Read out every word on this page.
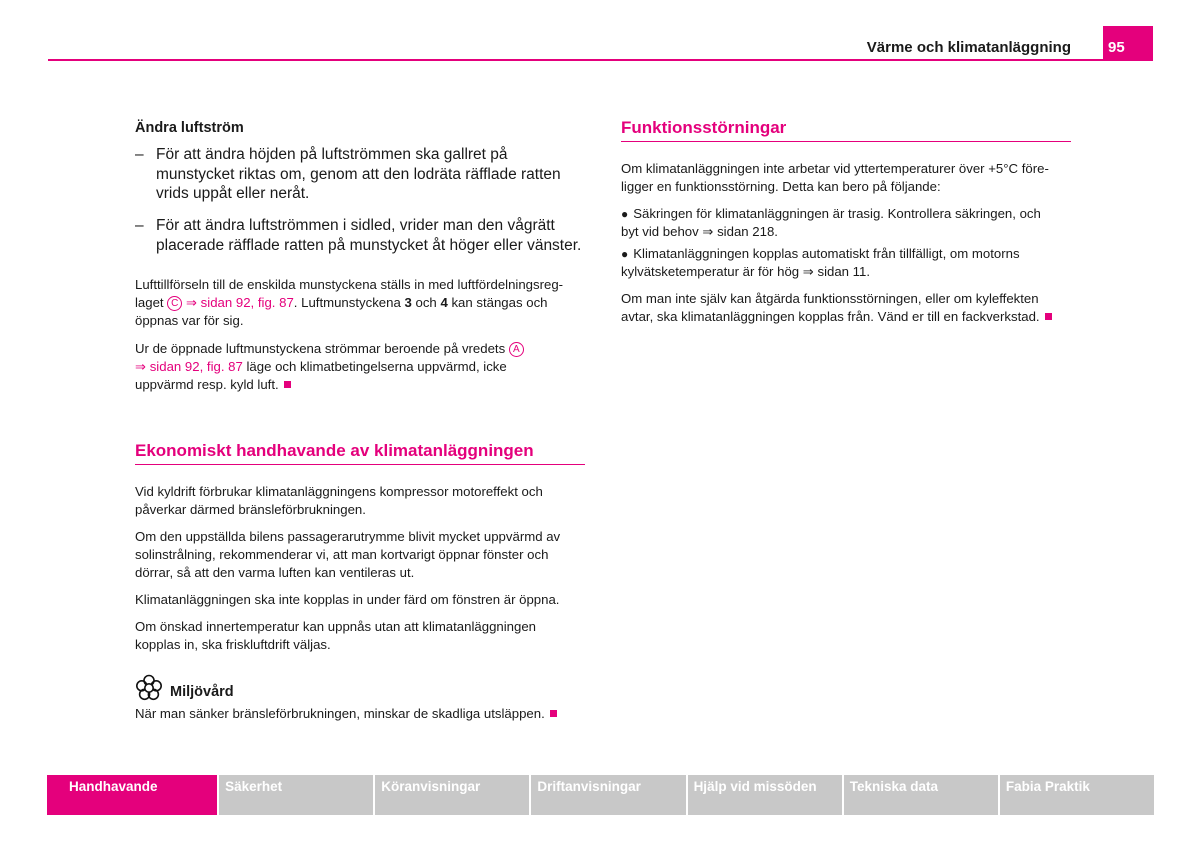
Värme och klimatanläggning	95
Ändra luftström
– För att ändra höjden på luftströmmen ska gallret på
munstycket riktas om, genom att den lodräta räfflade ratten
vrids uppåt eller neråt.
– För att ändra luftströmmen i sidled, vrider man den vågrätt
placerade räfflade ratten på munstycket åt höger eller vänster.
Lufttillförseln till de enskilda munstyckena ställs in med luftfördelningsreg-
laget C ⇒ sidan 92, fig. 87. Luftmunstyckena 3 och 4 kan stängas och
öppnas var för sig.
Ur de öppnade luftmunstyckena strömmar beroende på vredets A
⇒ sidan 92, fig. 87 läge och klimatbetingelserna uppvärmd, icke
uppvärmd resp. kyld luft.
Ekonomiskt handhavande av klimatanläggningen
Vid kyldrift förbrukar klimatanläggningens kompressor motoreffekt och
påverkar därmed bränsleförbrukningen.
Om den uppställda bilens passagerarutrymme blivit mycket uppvärmd av
solinstrålning, rekommenderar vi, att man kortvarigt öppnar fönster och
dörrar, så att den varma luften kan ventileras ut.
Klimatanläggningen ska inte kopplas in under färd om fönstren är öppna.
Om önskad innertemperatur kan uppnås utan att klimatanläggningen
kopplas in, ska friskluftdrift väljas.
Miljövård
När man sänker bränsleförbrukningen, minskar de skadliga utsläppen.
Funktionsstörningar
Om klimatanläggningen inte arbetar vid yttertemperaturer över +5°C före-
ligger en funktionsstörning. Detta kan bero på följande:
● Säkringen för klimatanläggningen är trasig. Kontrollera säkringen, och
byt vid behov ⇒ sidan 218.
● Klimatanläggningen kopplas automatiskt från tillfälligt, om motorns
kylvätsketemperatur är för hög ⇒ sidan 11.
Om man inte själv kan åtgärda funktionsstörningen, eller om kyleffekten
avtar, ska klimatanläggningen kopplas från. Vänd er till en fackverkstad.
Handhavande	Säkerhet	Köranvisningar	Driftanvisningar	Hjälp vid missöden	Tekniska data	Fabia Praktik
